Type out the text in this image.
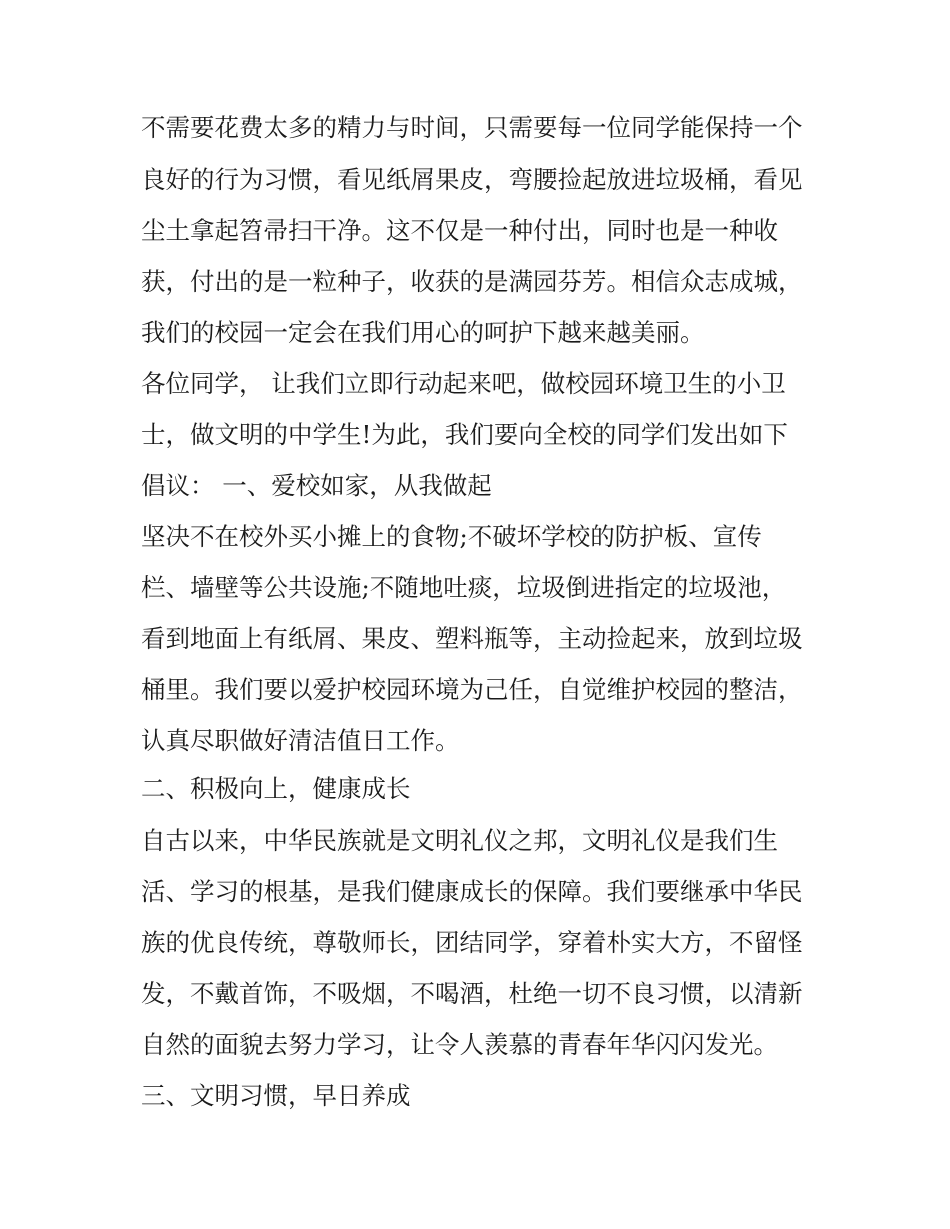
不需要花费太多的精力与时间，只需要每一位同学能保持一个

良好的行为习惯，看见纸屑果皮，弯腰捡起放进垃圾桶，看见

尘土拿起笤帚扫干净。这不仅是一种付出，同时也是一种收

获，付出的是一粒种子，收获的是满园芬芳。相信众志成城，

我们的校园一定会在我们用心的呵护下越来越美丽。

各位同学， 让我们立即行动起来吧，做校园环境卫生的小卫

士，做文明的中学生!为此，我们要向全校的同学们发出如下

倡议： 一、爱校如家，从我做起

坚决不在校外买小摊上的食物;不破坏学校的防护板、宣传

栏、墙壁等公共设施;不随地吐痰，垃圾倒进指定的垃圾池，

看到地面上有纸屑、果皮、塑料瓶等，主动捡起来，放到垃圾

桶里。我们要以爱护校园环境为己任，自觉维护校园的整洁，

认真尽职做好清洁值日工作。

二、积极向上，健康成长

自古以来，中华民族就是文明礼仪之邦，文明礼仪是我们生

活、学习的根基，是我们健康成长的保障。我们要继承中华民

族的优良传统，尊敬师长，团结同学，穿着朴实大方，不留怪

发，不戴首饰，不吸烟，不喝酒，杜绝一切不良习惯，以清新

自然的面貌去努力学习，让令人羡慕的青春年华闪闪发光。

三、文明习惯，早日养成
